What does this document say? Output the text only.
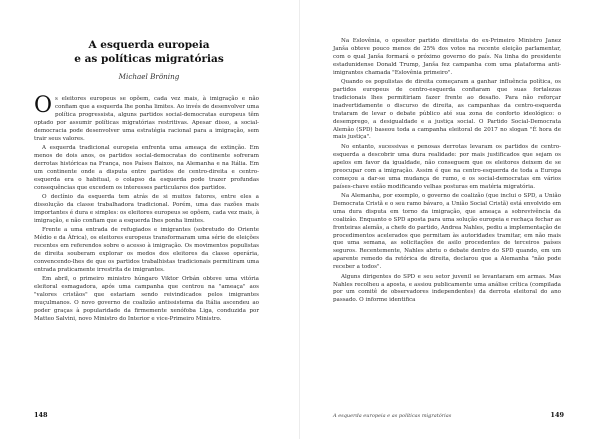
A esquerda europeia
e as políticas migratórias
Michael Bröning

Os eleitores europeus se opõem, cada vez mais, à imigração e não confiam que a esquerda lhe ponha limites. Ao invés de desenvolver uma política progressista, alguns partidos social-democratas europeus têm optado por assumir políticas migratórias restritivas. Apesar disso, a social-democracia pode desenvolver uma estratégia racional para a imigração, sem trair seus valores.

A esquerda tradicional europeia enfrenta uma ameaça de extinção. Em menos de dois anos, os partidos social-democratas do continente sofreram derrotas históricas na França, nos Países Baixos, na Alemanha e na Itália. Em um continente onde a disputa entre partidos de centro-direita e centro-esquerda era o habitual, o colapso da esquerda pode trazer profundas consequências que excedem os interesses particulares dos partidos.

O declínio da esquerda tem atrás de si muitos fatores, entre eles a dissolução da classe trabalhadora tradicional. Porém, uma das razões mais importantes é dura e simples: os eleitores europeus se opõem, cada vez mais, à imigração, e não confiam que a esquerda lhes ponha limites.

Frente a uma entrada de refugiados e imigrantes (sobretudo do Oriente Médio e da África), os eleitores europeus transformaram uma série de eleições recentes em referendos sobre o acesso à imigração. Os movimentos populistas de direita souberam explorar os medos dos eleitores da classe operária, convencendo-lhes de que os partidos trabalhistas tradicionais permitiram uma entrada praticamente irrestrita de imigrantes.

Em abril, o primeiro ministro húngaro Viktor Orbán obteve uma vitória eleitoral esmagadora, após uma campanha que centrou na "ameaça" aos "valores cristãos" que estariam sendo reivindicados pelos imigrantes muçulmanos. O novo governo de coalizão antissistema da Itália ascendeu ao poder graças à popularidade da firmemente xenófoba Liga, conduzida por Matteo Salvini, novo Ministro do Interior e vice-Primeiro Ministro.

148

Na Eslovênia, o opositor partido direitista do ex-Primeiro Ministro Janez Janša obteve pouco menos de 25% dos votos na recente eleição parlamentar, com o qual Janša formará o próximo governo do país. Na linha do presidente estadunidense Donald Trump, Janša fez campanha com uma plataforma anti-imigrantes chamada "Eslovênia primeiro".

Quando os populistas de direita começaram a ganhar influência política, os partidos europeus de centro-esquerda confiaram que suas fortalezas tradicionais lhes permitiriam fazer frente ao desafio. Para não reforçar inadvertidamente o discurso de direita, as campanhas da centro-esquerda trataram de levar o debate público até sua zona de conforto ideológico: o desemprego, a desigualdade e a justiça social. O Partido Social-Democrata Alemão (SPD) baseou toda a campanha eleitoral de 2017 no slogan "É hora de mais justiça".

No entanto, sucessivas e penosas derrotas levaram os partidos de centro-esquerda a descobrir uma dura realidade: por mais justificados que sejam os apelos em favor da igualdade, não conseguem que os eleitores deixem de se preocupar com a imigração. Assim é que na centro-esquerda de toda a Europa começou a dar-se uma mudança de rumo, e os social-democratas em vários países-chave estão modificando velhas posturas em matéria migratória.

Na Alemanha, por exemplo, o governo de coalizão (que inclui o SPD, a União Democrata Cristã e o seu ramo bávaro, a União Social Cristã) está envolvido em uma dura disputa em torno da imigração, que ameaça a sobrevivência da coalizão. Enquanto o SPD aposta para uma solução europeia e rechaça fechar as fronteiras alemãs, a chefe do partido, Andrea Nahles, pediu a implementação de procedimentos acelerados que permitam às autoridades tramitar, em não mais que uma semana, as solicitações de asilo procedentes de terceiros países seguros. Recentemente, Nahles abriu o debate dentro do SPD quando, em um aparente remedo da retórica de direita, declarou que a Alemanha "não pode receber a todos".

Alguns dirigentes do SPD e seu setor juvenil se levantaram em armas. Mas Nahles recolheu a aposta, e assiou publicamente uma análise crítica (compilada por um comitê de observadores independentes) da derrota eleitoral do ano passado. O informe identifica

A esquerda europeia e as políticas migratórias	149
